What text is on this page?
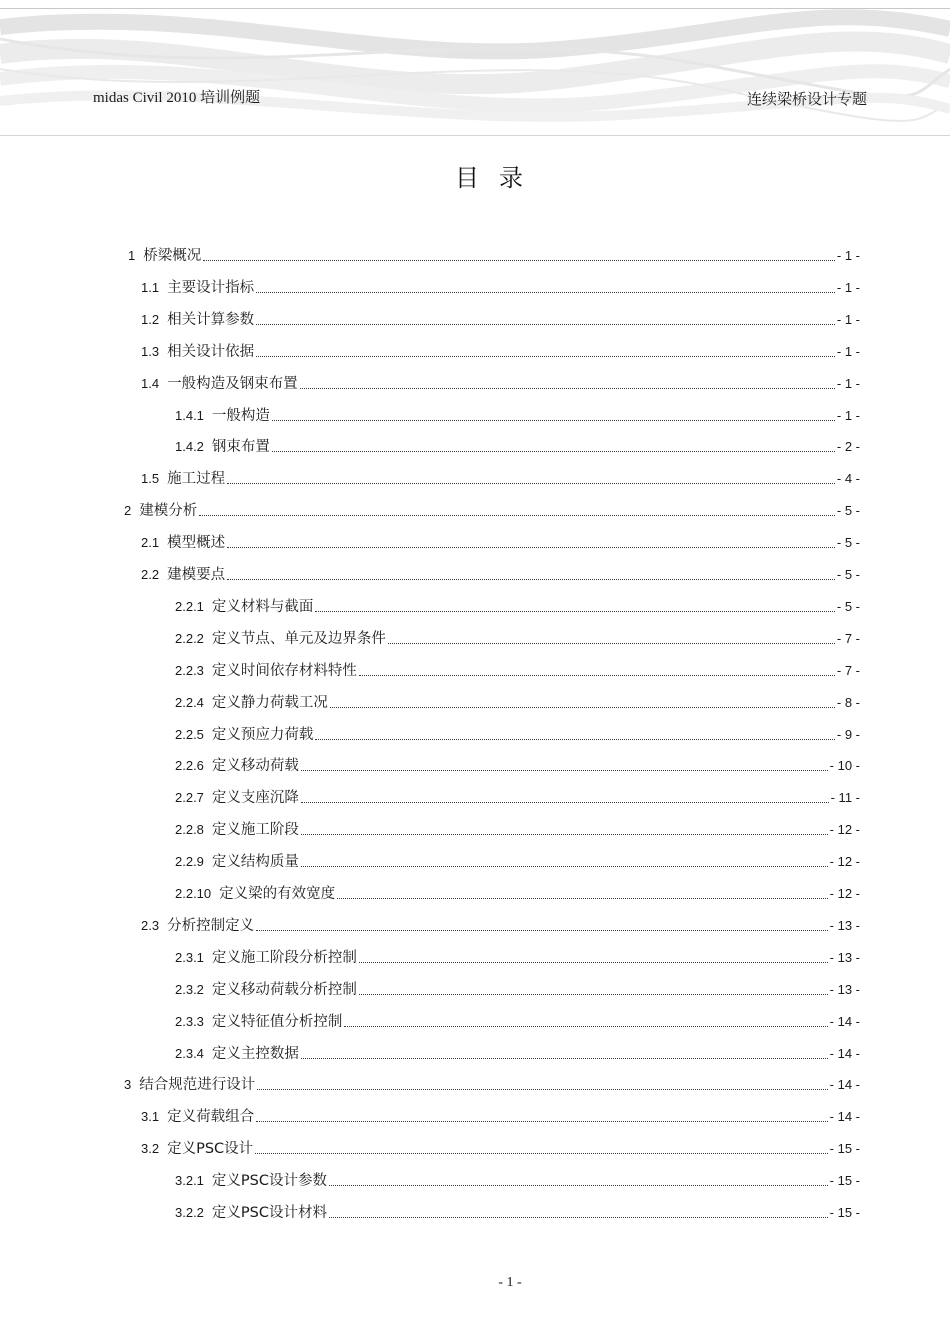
midas Civil 2010 培训例题	连续梁桥设计专题
目录
1 桥梁概况	- 1 -
1.1 主要设计指标	- 1 -
1.2 相关计算参数	- 1 -
1.3 相关设计依据	- 1 -
1.4 一般构造及钢束布置	- 1 -
1.4.1 一般构造	- 1 -
1.4.2 钢束布置	- 2 -
1.5 施工过程	- 4 -
2 建模分析	- 5 -
2.1 模型概述	- 5 -
2.2 建模要点	- 5 -
2.2.1 定义材料与截面	- 5 -
2.2.2 定义节点、单元及边界条件	- 7 -
2.2.3 定义时间依存材料特性	- 7 -
2.2.4 定义静力荷载工况	- 8 -
2.2.5 定义预应力荷载	- 9 -
2.2.6 定义移动荷载	- 10 -
2.2.7 定义支座沉降	- 11 -
2.2.8 定义施工阶段	- 12 -
2.2.9 定义结构质量	- 12 -
2.2.10 定义梁的有效宽度	- 12 -
2.3 分析控制定义	- 13 -
2.3.1 定义施工阶段分析控制	- 13 -
2.3.2 定义移动荷载分析控制	- 13 -
2.3.3 定义特征值分析控制	- 14 -
2.3.4 定义主控数据	- 14 -
3 结合规范进行设计	- 14 -
3.1 定义荷载组合	- 14 -
3.2 定义PSC设计	- 15 -
3.2.1 定义PSC设计参数	- 15 -
3.2.2 定义PSC设计材料	- 15 -
- 1 -
